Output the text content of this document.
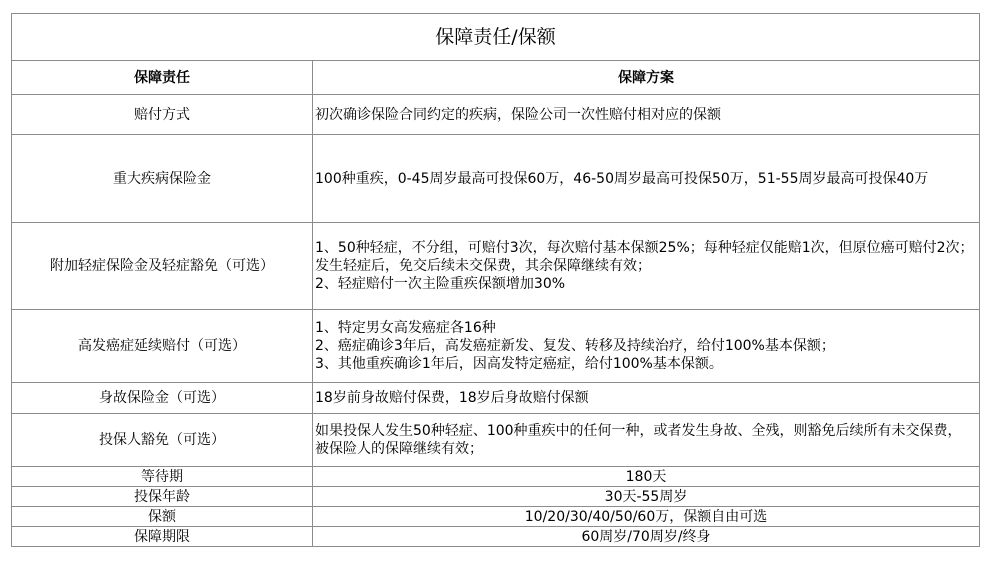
保障责任/保额	
保障责任	保障方案
赔付方式	初次确诊保险合同约定的疾病，保险公司一次性赔付相对应的保额

重大疾病保险金	100种重疾，0-45周岁最高可投保60万，46-50周岁最高可投保50万，51-55周岁最高可投保40万

附加轻症保险金及轻症豁免（可选）	1、50种轻症，不分组，可赔付3次，每次赔付基本保额25%；每种轻症仅能赔1次，但原位癌可赔付2次；发生轻症后，免交后续未交保费，其余保障继续有效；
2、轻症赔付一次主险重疾保额增加30%

高发癌症延续赔付（可选）	1、特定男女高发癌症各16种
2、癌症确诊3年后，高发癌症新发、复发、转移及持续治疗，给付100%基本保额；
3、其他重疾确诊1年后，因高发特定癌症，给付100%基本保额。

身故保险金（可选）	18岁前身故赔付保费，18岁后身故赔付保额

投保人豁免（可选）	如果投保人发生50种轻症、100种重疾中的任何一种，或者发生身故、全残，则豁免后续所有未交保费，被保险人的保障继续有效；

等待期	180天
投保年龄	30天-55周岁
保额	10/20/30/40/50/60万，保额自由可选
保障期限	60周岁/70周岁/终身
